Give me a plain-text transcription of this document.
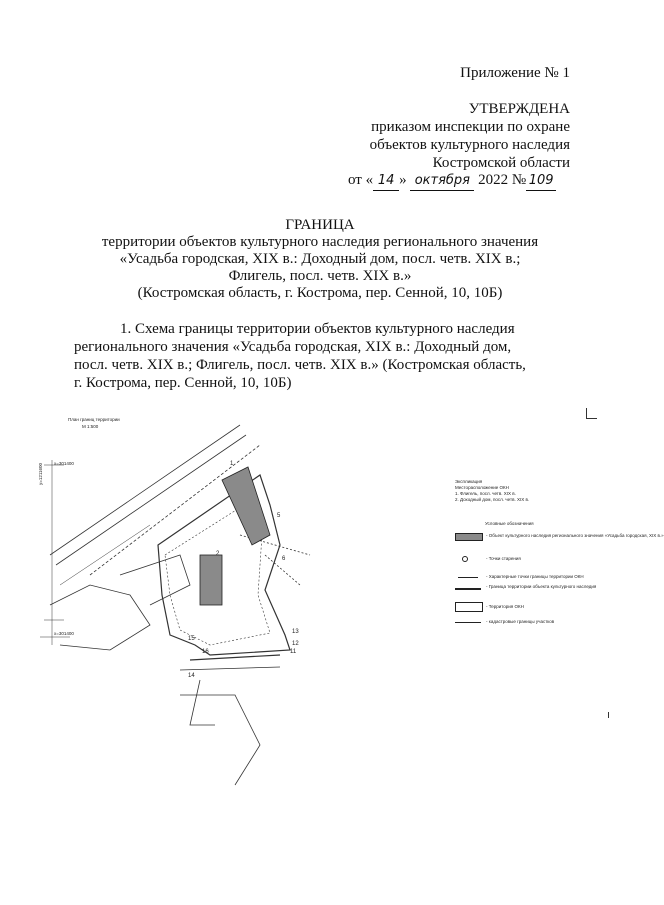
Приложение № 1
УТВЕРЖДЕНА
приказом инспекции по охране
объектов культурного наследия
Костромской области
от « 14 » октября 2022 № 109
ГРАНИЦА
территории объектов культурного наследия регионального значения
«Усадьба городская, XIX в.: Доходный дом, посл. четв. XIX в.;
Флигель, посл. четв. XIX в.»
(Костромская область, г. Кострома, пер. Сенной, 10, 10Б)
1. Схема границы территории объектов культурного наследия
регионального значения «Усадьба городская, XIX в.: Доходный дом,
посл. четв. XIX в.; Флигель, посл. четв. XIX в.» (Костромская область,
г. Кострома, пер. Сенной, 10, 10Б)
5
6
13
12
11
16
14
15
2
1
План границ территории
М 1:500
x=301400
y=1211600
x=301400
Экспликация
Месторасположение ОКН
1. Флигель, посл. четв. XIX в.
2. Доходный дом, посл. четв. XIX в.
Условные обозначения
- Объект культурного наследия регионального значения «Усадьба городская, XIX в.»
- Точки старения
- Характерные точки границы территории ОКН
- Граница территории объекта культурного наследия
- Территория ОКН
- кадастровые границы участков
